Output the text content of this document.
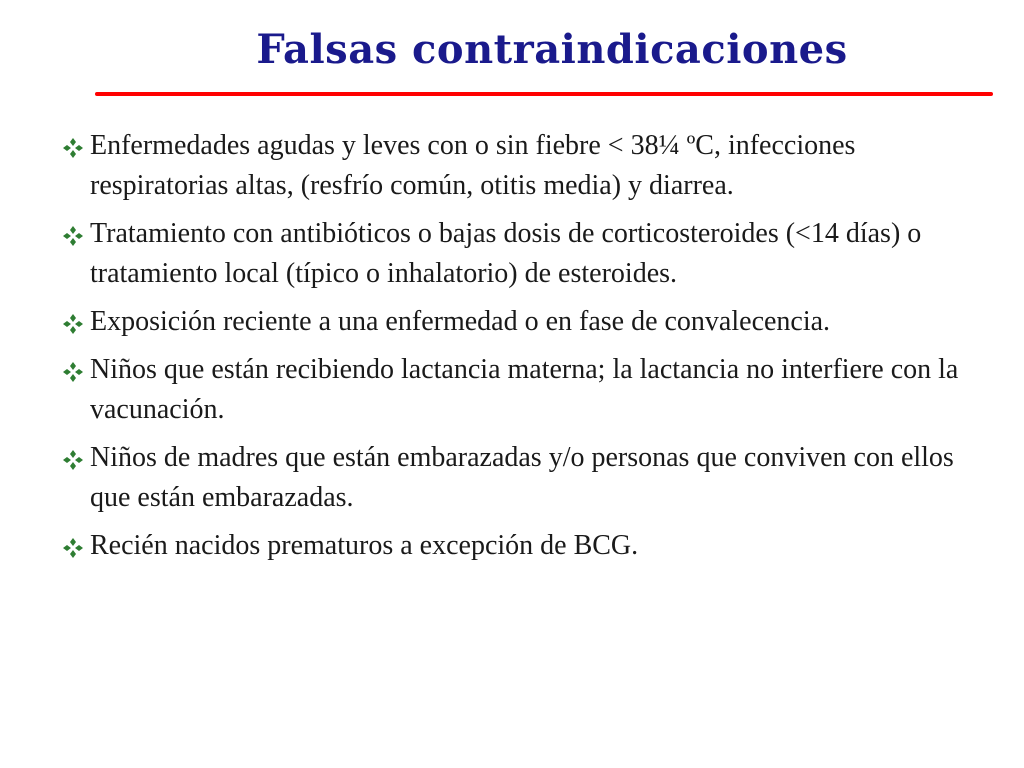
Falsas contraindicaciones
Enfermedades agudas y leves con o sin fiebre < 38¼ ºC, infecciones respiratorias altas, (resfrío común, otitis media) y diarrea.
Tratamiento con antibióticos o bajas dosis de corticosteroides (<14 días) o tratamiento local (típico o inhalatorio) de esteroides.
Exposición reciente a una enfermedad o en fase de convalecencia.
Niños que están recibiendo lactancia materna; la lactancia no interfiere con la vacunación.
Niños de madres que están embarazadas y/o personas que conviven con ellos que están embarazadas.
Recién nacidos prematuros a excepción de BCG.
